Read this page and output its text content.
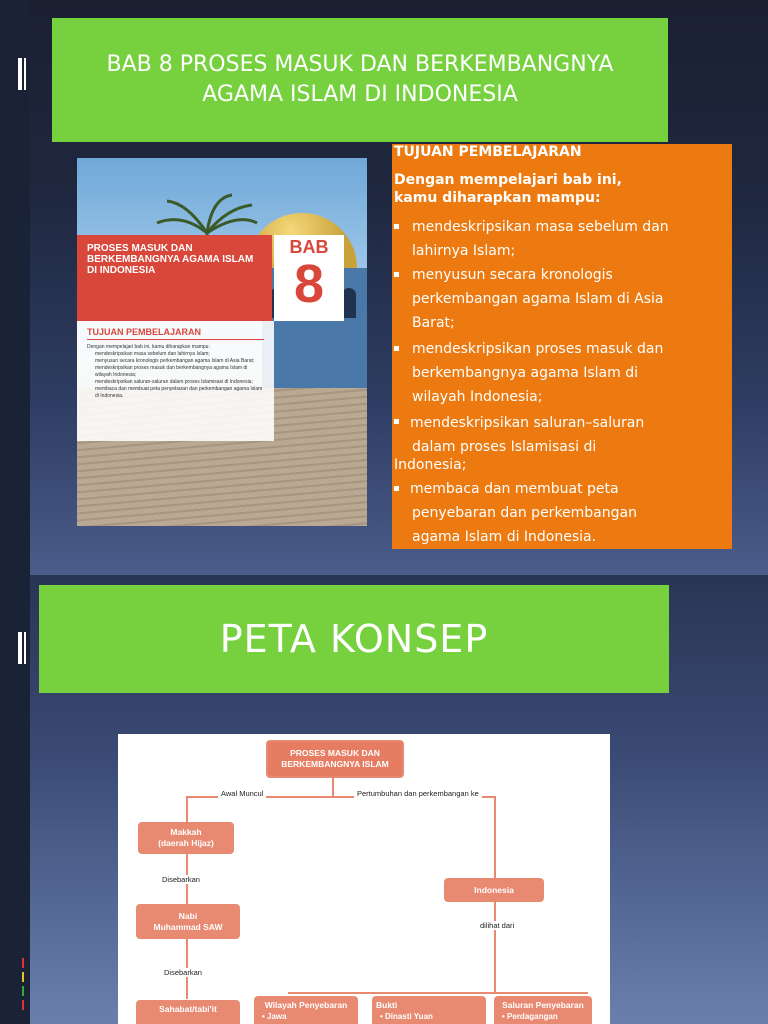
BAB 8 PROSES MASUK DAN BERKEMBANGNYA
AGAMA ISLAM DI INDONESIA
PROSES MASUK DAN BERKEMBANGNYA AGAMA ISLAM DI INDONESIA
BAB
8
TUJUAN PEMBELAJARAN
Dengan mempelajari bab ini, kamu diharapkan mampu:
mendeskripsikan masa sebelum dan lahirnya Islam;
menyusun secara kronologis perkembangan agama Islam di Asia Barat;
mendeskripsikan proses masuk dan berkembangnya agama Islam di wilayah Indonesia;
mendeskripsikan saluran-saluran dalam proses Islamisasi di Indonesia;
membaca dan membuat peta penyebaran dan perkembangan agama Islam di Indonesia.
TUJUAN PEMBELAJARAN
Dengan mempelajari bab ini,
kamu diharapkan mampu:
mendeskripsikan masa sebelum dan
lahirnya Islam;
menyusun secara kronologis
perkembangan agama Islam di Asia
Barat;
mendeskripsikan proses masuk dan
berkembangnya agama Islam di
wilayah Indonesia;
mendeskripsikan saluran–saluran
dalam proses Islamisasi di
Indonesia;
membaca dan membuat peta
penyebaran dan perkembangan
agama Islam di Indonesia.
PETA KONSEP
PROSES MASUK DAN
BERKEMBANGNYA ISLAM
Awal Muncul	Pertumbuhan dan perkembangan ke
Makkah
(daerah Hijaz)
Disebarkan
Nabi
Muhammad SAW
Disebarkan
Sahabat/tabi'it
Indonesia
dilihat dari
Wilayah Penyebaran
• Jawa
Bukti
• Dinasti Yuan
Saluran Penyebaran
• Perdagangan
